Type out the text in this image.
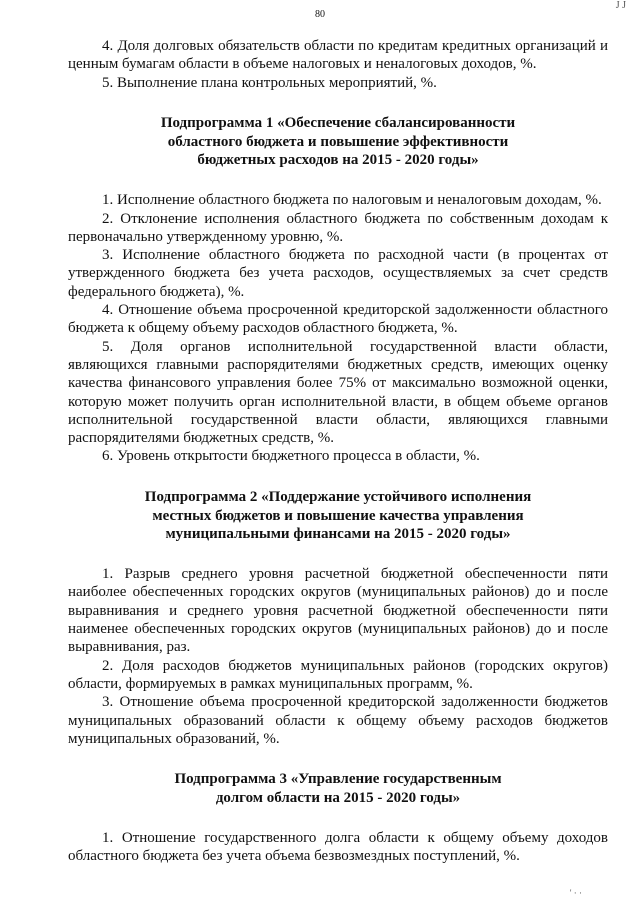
80
J J

4. Доля долговых обязательств области по кредитам кредитных организаций и ценным бумагам области в объеме налоговых и неналоговых доходов, %.

5. Выполнение плана контрольных мероприятий, %.

Подпрограмма 1 «Обеспечение сбалансированности
областного бюджета и повышение эффективности
бюджетных расходов на 2015 - 2020 годы»

1. Исполнение областного бюджета по налоговым и неналоговым доходам, %.

2. Отклонение исполнения областного бюджета по собственным доходам к первоначально утвержденному уровню, %.

3. Исполнение областного бюджета по расходной части (в процентах от утвержденного бюджета без учета расходов, осуществляемых за счет средств федерального бюджета), %.

4. Отношение объема просроченной кредиторской задолженности областного бюджета к общему объему расходов областного бюджета, %.

5. Доля органов исполнительной государственной власти области, являющихся главными распорядителями бюджетных средств, имеющих оценку качества финансового управления более 75% от максимально возможной оценки, которую может получить орган исполнительной власти, в общем объеме органов исполнительной государственной власти области, являющихся главными распорядителями бюджетных средств, %.

6. Уровень открытости бюджетного процесса в области, %.

Подпрограмма 2 «Поддержание устойчивого исполнения
местных бюджетов и повышение качества управления
муниципальными финансами на 2015 - 2020 годы»

1. Разрыв среднего уровня расчетной бюджетной обеспеченности пяти наиболее обеспеченных городских округов (муниципальных районов) до и после выравнивания и среднего уровня расчетной бюджетной обеспеченности пяти наименее обеспеченных городских округов (муниципальных районов) до и после выравнивания, раз.

2. Доля расходов бюджетов муниципальных районов (городских округов) области, формируемых в рамках муниципальных программ, %.

3. Отношение объема просроченной кредиторской задолженности бюджетов муниципальных образований области к общему объему расходов бюджетов муниципальных образований, %.

Подпрограмма 3 «Управление государственным
долгом области на 2015 - 2020 годы»

1. Отношение государственного долга области к общему объему доходов областного бюджета без учета объема безвозмездных поступлений, %.

' · ·
